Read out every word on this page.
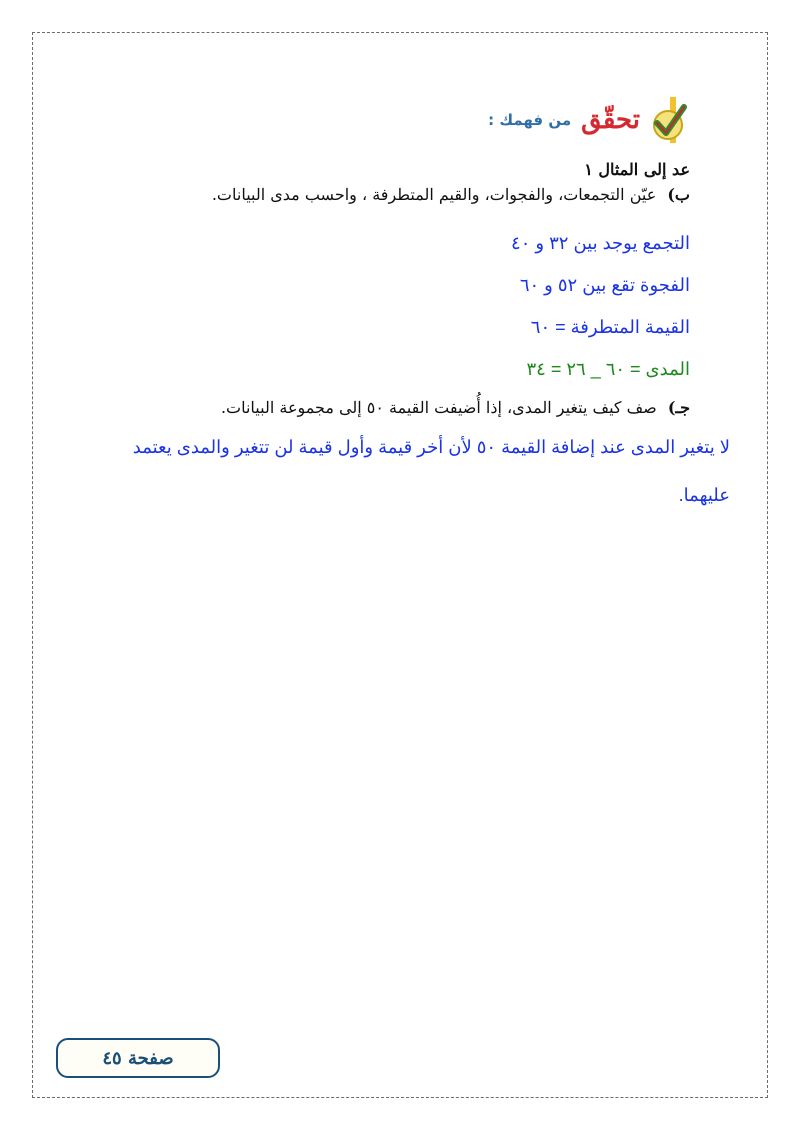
تحقّق
من فهمك :

عد إلى المثال ١

ب) عيّن التجمعات، والفجوات، والقيم المتطرفة ، واحسب مدى البيانات.

التجمع يوجد بين ٣٢ و ٤٠

الفجوة تقع بين ٥٢ و ٦٠

القيمة المتطرفة = ٦٠

المدى = ٦٠ _ ٢٦ = ٣٤

جـ) صف كيف يتغير المدى، إذا أُضيفت القيمة ٥٠ إلى مجموعة البيانات.

لا يتغير المدى عند إضافة القيمة ٥٠ لأن أخر قيمة وأول قيمة لن تتغير والمدى يعتمد عليهما.

صفحة ٤٥
